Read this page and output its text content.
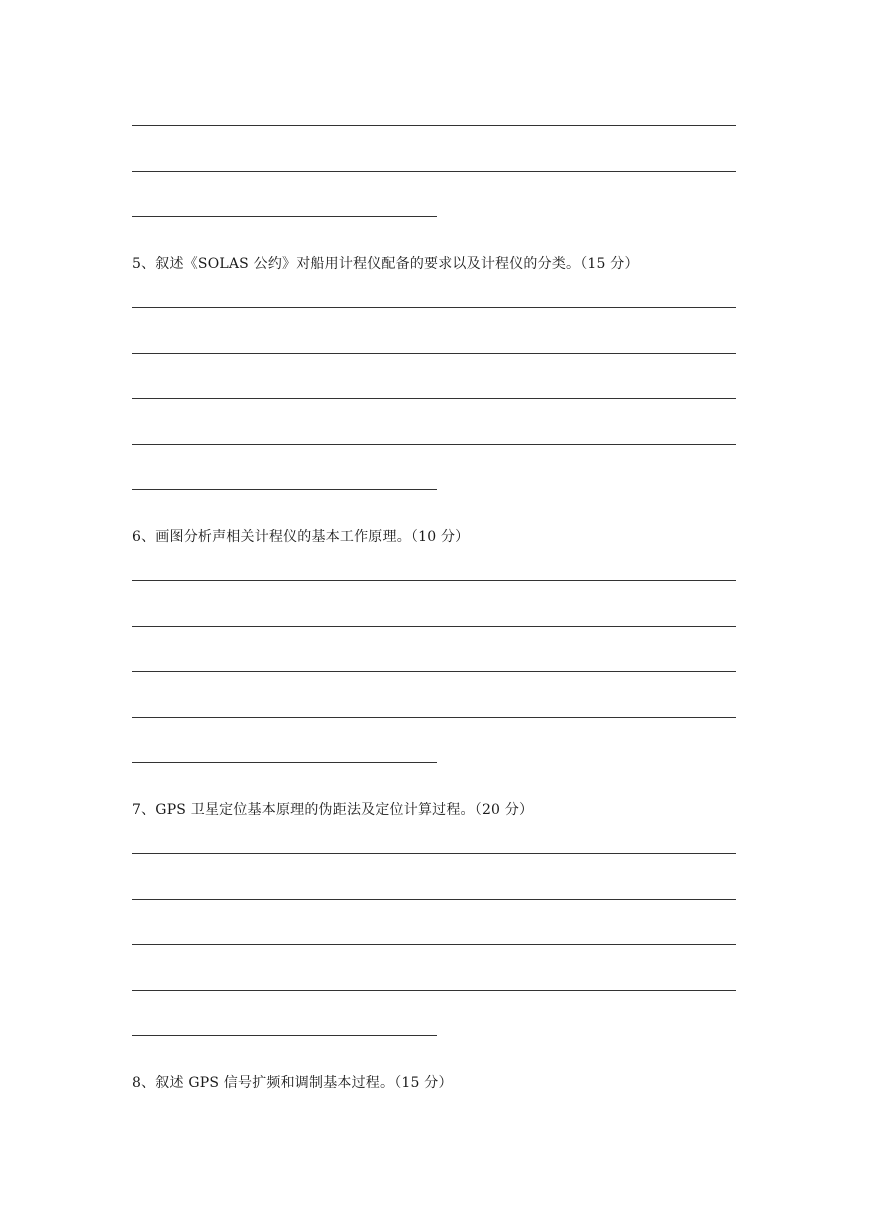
5、叙述《SOLAS 公约》对船用计程仪配备的要求以及计程仪的分类。（15 分）
6、画图分析声相关计程仪的基本工作原理。（10 分）
7、GPS 卫星定位基本原理的伪距法及定位计算过程。（20 分）
8、叙述 GPS 信号扩频和调制基本过程。（15 分）
